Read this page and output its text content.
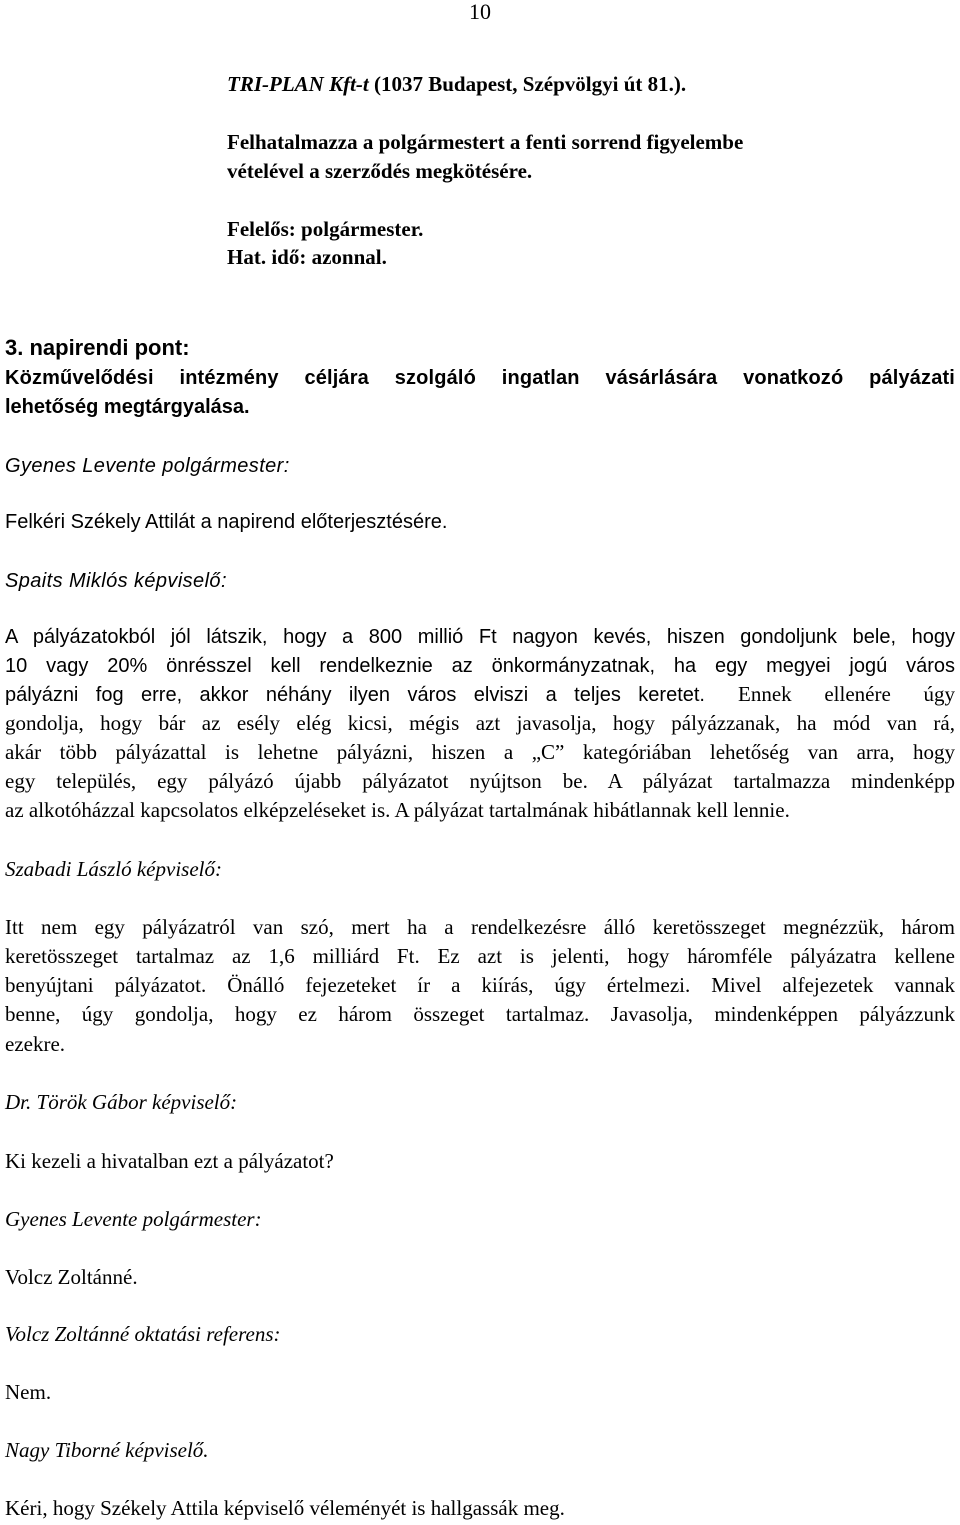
10
TRI-PLAN Kft-t (1037 Budapest, Szépvölgyi út 81.).
Felhatalmazza a polgármestert a fenti sorrend figyelembe
vételével a szerződés megkötésére.
Felelős: polgármester.
Hat. idő: azonnal.
3. napirendi pont:
Közművelődési intézmény céljára szolgáló ingatlan vásárlására vonatkozó pályázati
lehetőség megtárgyalása.
Gyenes Levente polgármester:
Felkéri Székely Attilát a napirend előterjesztésére.
Spaits Miklós képviselő:
A pályázatokból jól látszik, hogy a 800 millió Ft nagyon kevés, hiszen gondoljunk bele, hogy
10 vagy 20% önrésszel kell rendelkeznie az önkormányzatnak, ha egy megyei jogú város
pályázni fog erre, akkor néhány ilyen város elviszi a teljes keretet. Ennek ellenére úgy
gondolja, hogy bár az esély elég kicsi, mégis azt javasolja, hogy pályázzanak, ha mód van rá,
akár több pályázattal is lehetne pályázni, hiszen a „C” kategóriában lehetőség van arra, hogy
egy település, egy pályázó újabb pályázatot nyújtson be. A pályázat tartalmazza mindenképp
az alkotóházzal kapcsolatos elképzeléseket is. A pályázat tartalmának hibátlannak kell lennie.
Szabadi László képviselő:
Itt nem egy pályázatról van szó, mert ha a rendelkezésre álló keretösszeget megnézzük, három
keretösszeget tartalmaz az 1,6 milliárd Ft. Ez azt is jelenti, hogy háromféle pályázatra kellene
benyújtani pályázatot. Önálló fejezeteket ír a kiírás, úgy értelmezi. Mivel alfejezetek vannak
benne, úgy gondolja, hogy ez három összeget tartalmaz. Javasolja, mindenképpen pályázzunk
ezekre.
Dr. Török Gábor képviselő:
Ki kezeli a hivatalban ezt a pályázatot?
Gyenes Levente polgármester:
Volcz Zoltánné.
Volcz Zoltánné oktatási referens:
Nem.
Nagy Tiborné képviselő.
Kéri, hogy Székely Attila képviselő véleményét is hallgassák meg.
